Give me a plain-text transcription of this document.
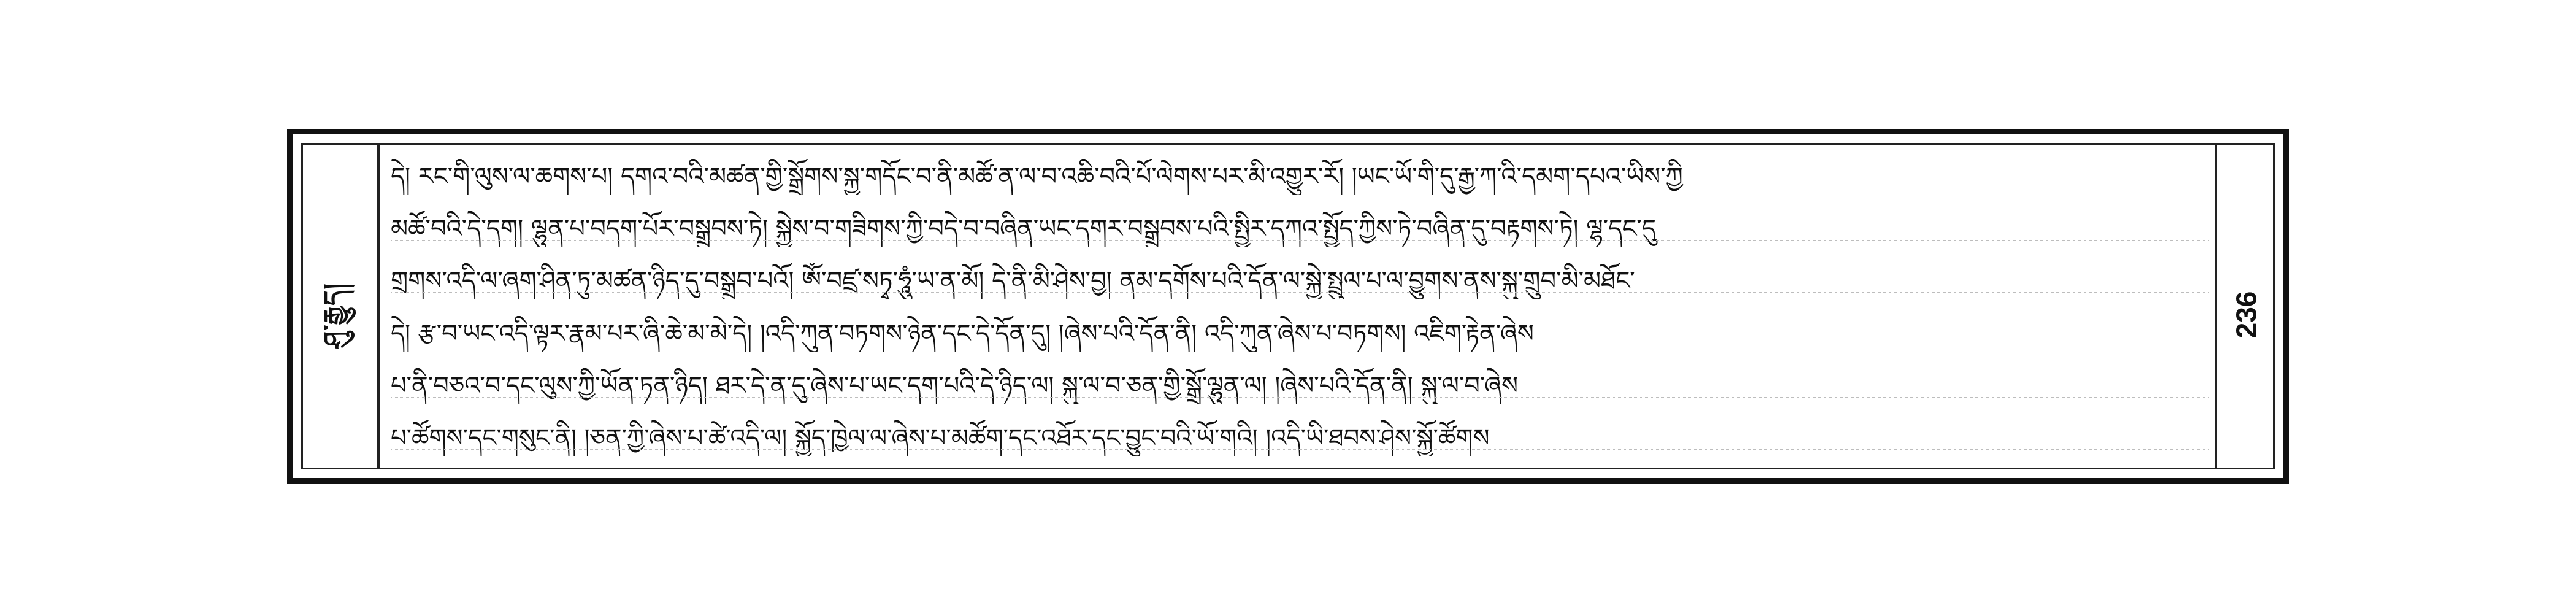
ཤུ་རྒྱུད།
དེ། རང་གི་ལུས་ལ་ཆགས་པ། དགའ་བའི་མཚན་གྱི་སྒྲོགས་སྐྱ་གདོང་བ་ནི་མཚོ་ན་ལ་བ་འཆི་བའི་པོ་ལེགས་པར་མི་འགྱུར་རོ། །ཡང་ཡོ་གི་དུ་རྒྱ་ཀ་འི་དམག་དཔའ་ཡིས་ཀྱི
མཚོ་བའི་དེ་དག། ལྷུན་པ་བདག་པོར་བསྒྲུབས་ཏེ། སྐྱེས་བ་གཟིགས་ཀྱི་བདེ་བ་བཞིན་ཡང་དགར་བསྒྲུབས་པའི་སྤྱིར་དཀའ་སྤྱོད་ཀྱིས་ཏེ་བཞིན་དུ་བརྟགས་ཏེ། ལྷ་དང་དུ
གྲགས་འདི་ལ་ཞག་ཤིན་ཏུ་མཚན་ཉིད་དུ་བསྒྲུབ་པའོ། ཨོཾ་བཛྲ་སཏྭ་ཧཱུཾ་ཡ་ན་མོ། དེ་ནི་མི་ཤེས་བྱ། ནམ་དགོས་པའི་དོན་ལ་སྐྱེ་སྤྲུལ་པ་ལ་བྱུགས་ནས་སྐུ་གྲུབ་མི་མཐོང་
དེ། རྩ་བ་ཡང་འདི་ལྟར་རྣམ་པར་ཞི་ཆེ་མ་མེ་དེ། །འདི་ཀུན་བཏགས་ཉེན་དང་དེ་དོན་དུ། །ཞེས་པའི་དོན་ནི། འདི་ཀུན་ཞེས་པ་བཏགས། འཇིག་རྟེན་ཞེས
པ་ནི་བཅའ་བ་དང་ལུས་ཀྱི་ཡོན་ཏན་ཉིད། ཐར་དེ་ན་དུ་ཞེས་པ་ཡང་དག་པའི་དེ་ཉིད་ལ། སྐུ་ལ་བ་ཅན་གྱི་སྒྲོ་ལྷུན་ལ། །ཞེས་པའི་དོན་ནི། སྐུ་ལ་བ་ཞེས
པ་ཚོགས་དང་གསུང་ནི། །ཅན་ཀྱི་ཞེས་པ་ཚེ་འདི་ལ། སྐྱོད་ཁྱེལ་ལ་ཞེས་པ་མཚོག་དང་འཐོར་དང་བྱུང་བའི་ཡོ་གའི། །འདི་ཡི་ཐབས་ཤེས་སྐྱོ་ཚོགས
236
